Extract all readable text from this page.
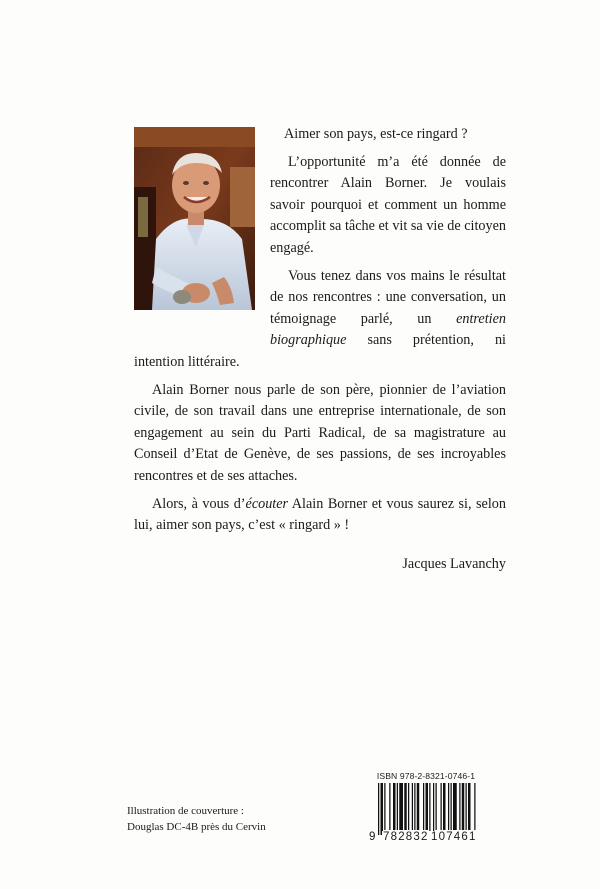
Aimer son pays, est-ce ringard ?

L’opportunité m’a été donnée de rencontrer Alain Borner. Je voulais savoir pourquoi et comment un homme accomplit sa tâche et vit sa vie de citoyen engagé.

Vous tenez dans vos mains le résultat de nos rencontres : une conversation, un témoignage parlé, un entretien biographique sans prétention, ni intention littéraire.

Alain Borner nous parle de son père, pionnier de l’aviation civile, de son travail dans une entreprise internationale, de son engagement au sein du Parti Radical, de sa magistrature au Conseil d’Etat de Genève, de ses passions, de ses incroyables rencontres et de ses attaches.

Alors, à vous d’écouter Alain Borner et vous saurez si, selon lui, aimer son pays, c’est « ringard » !

Jacques Lavanchy
Illustration de couverture :
Douglas DC-4B près du Cervin
ISBN 978-2-8321-0746-1
9 782832 107461
